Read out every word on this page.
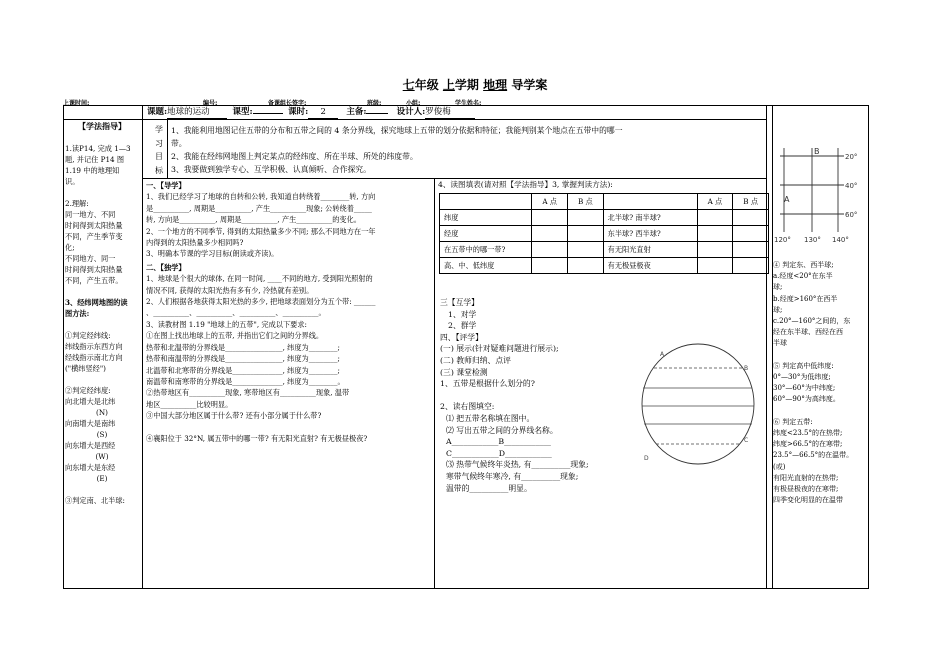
七年级 上学期 地理 导学案
上课时间:	编号:	备课组长签字:	班级:	小组:	学生姓名:
课题:地球的运动	课型:	课时: 2 主备:	设计人:罗俊梅
学
习
目
标
1、我能利用地图记住五带的分布和五带之间的 4 条分界线，探究地球上五带的划分依据和特征；我能判别某个地点在五带中的哪一
带。
2、我能在经纬网地图上判定某点的经纬度、所在半球、所处的纬度带。
3、我要做到独学专心、互学积极、认真倾听、合作探究。
【学法指导】
1.读P14, 完成 1—3
题, 并记住 P14 图
1.19 中的地理知
识。
2.理解:
同一地方、不同
时间得到太阳热量
不同，产生季节变
化;
不同地方、同一
时间得到太阳热量
不同，产生五带。
3、经纬网地图的读
图方法:
①判定经纬线:
纬线指示东西方向
经线指示南北方向
("横纬竖经")
②判定经纬度:
向北增大是北纬
(N)
向南增大是南纬
(S)
向东增大是西经
(W)
向东增大是东经
(E)
③判定南、北半球:
一、【导学】
1、我们已经学习了地球的自转和公转, 我知道自转绕着________转, 方向
是__________, 周期是__________, 产生__________现象; 公转绕着_____
转, 方向是__________, 周期是__________, 产生__________的变化。
2、一个地方的不同季节, 得到的太阳热量多少不同; 那么不同地方在一年
内得到的太阳热量多少相同吗?
3、明确本节课的学习目标(朗读或齐读)。
二、【独学】
1、地球是个很大的球体, 在同一时间, ____不同的地方, 受到阳光照射的
情况不同, 获得的太阳光热有多有少, 冷热就有差别。
2、人们根据各地获得太阳光热的多少, 把地球表面划分为五个带: ______
、__________、__________、__________、__________。
3、读教材图 1.19 "地球上的五带", 完成以下要求:
①在图上找出地球上的五带, 并指出它们之间的分界线。
热带和北温带的分界线是________________, 纬度为________;
热带和南温带的分界线是________________, 纬度为________;
北温带和北寒带的分界线是______________, 纬度为________;
南温带和南寒带的分界线是______________, 纬度为________。
②热带地区有__________现象, 寒带地区有__________现象, 温带
地区__________比较明显。
③中国大部分地区属于什么带? 还有小部分属于什么带?
④襄阳位于 32°N, 属五带中的哪一带? 有无阳光直射? 有无极昼极夜?
4、读图填表(请对照【学法指导】3, 掌握判读方法):
	A 点	B 点		A 点	B 点
纬度			北半球? 南半球?		
经度			东半球? 西半球?		
在五带中的哪一带?			有无阳光直射		
高、中、低纬度			有无极昼极夜		
三【互学】
1、对学
2、群学
四、【评学】
(一) 展示(针对疑难问题进行展示);
(二) 教师归纳、点评
(三) 课堂检测
1、五带是根据什么划分的?
2、读右图填空:
⑴ 把五带名称填在图中。
⑵ 写出五带之间的分界线名称。
A____________B____________
C____________D____________
⑶ 热带气候终年炎热, 有__________现象;
寒带气候终年寒冷, 有__________现象;
温带的__________明显。
A
B
C
D
B
A
20°
40°
60°
120° 130° 140°
④ 判定东、西半球;
a.经度<20°在东半
球;
b.经度>160°在西半
球;
c.20°—160°之间的，东
经在东半球、西经在西
半球
⑤ 判定高中低纬度:
0°—30°为低纬度;
30°—60°为中纬度;
60°—90°为高纬度。
⑥ 判定五带:
纬度<23.5°的在热带;
纬度>66.5°的在寒带;
23.5°—66.5°的在温带。
(或)
有阳光直射的在热带;
有极昼极夜的在寒带;
四季变化明显的在温带
